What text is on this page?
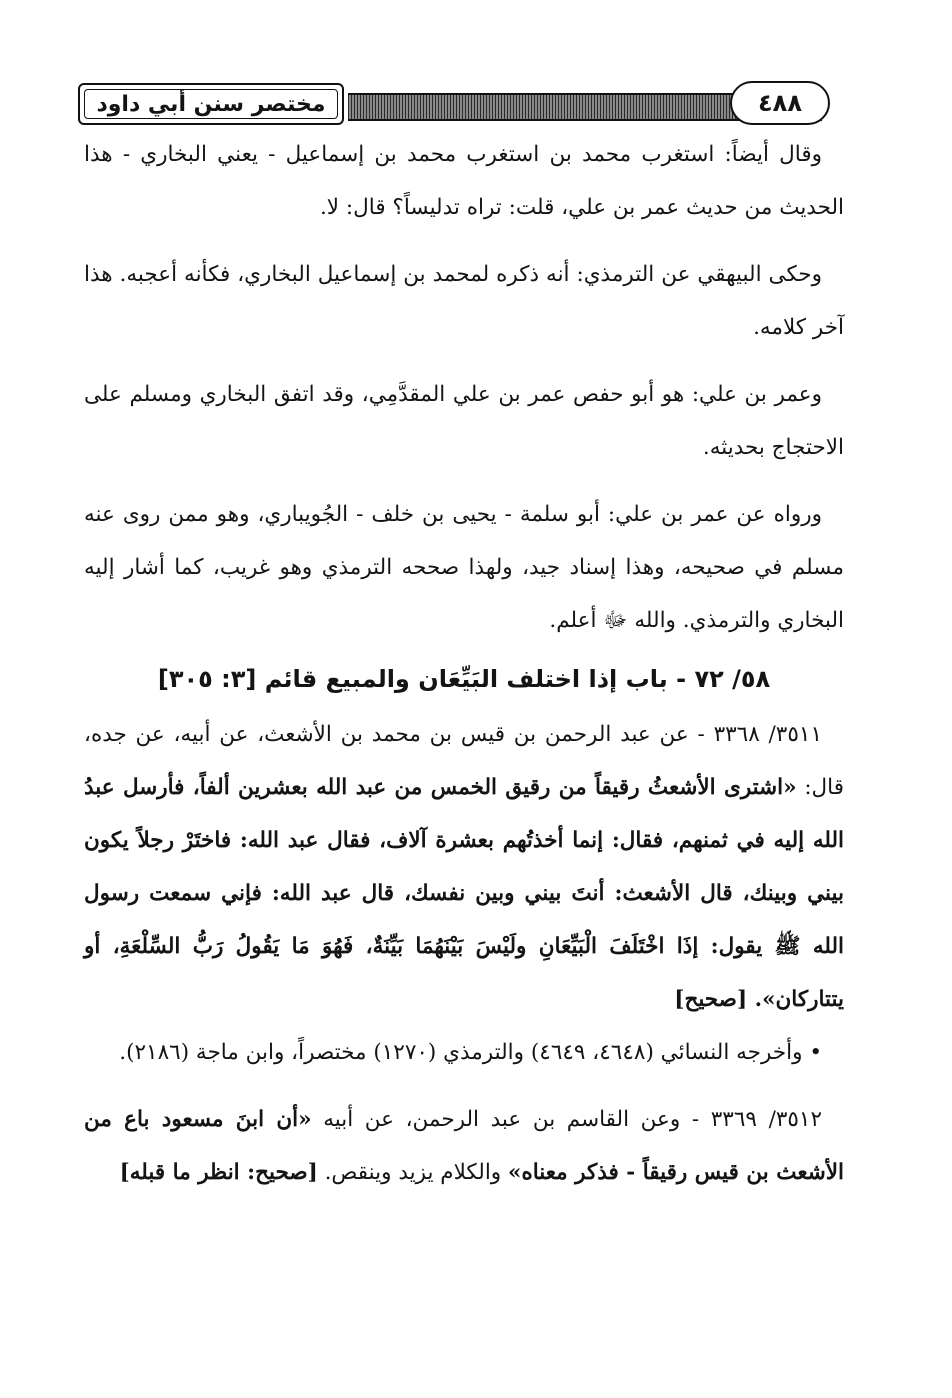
مختصر سنن أبي داود	٤٨٨

وقال أيضاً: استغرب محمد بن استغرب محمد بن إسماعيل - يعني البخاري - هذا الحديث من حديث عمر بن علي، قلت: تراه تدليساً؟ قال: لا.

وحكى البيهقي عن الترمذي: أنه ذكره لمحمد بن إسماعيل البخاري، فكأنه أعجبه. هذا آخر كلامه.

وعمر بن علي: هو أبو حفص عمر بن علي المقدَّمِي، وقد اتفق البخاري ومسلم على الاحتجاج بحديثه.

ورواه عن عمر بن علي: أبو سلمة - يحيى بن خلف - الجُويباري، وهو ممن روى عنه مسلم في صحيحه، وهذا إسناد جيد، ولهذا صححه الترمذي وهو غريب، كما أشار إليه البخاري والترمذي. والله ﷻ أعلم.

٥٨/ ٧٢ - باب إذا اختلف البَيِّعَان والمبيع قائم [٣: ٣٠٥]

٣٥١١/ ٣٣٦٨ - عن عبد الرحمن بن قيس بن محمد بن الأشعث، عن أبيه، عن جده، قال: «اشترى الأشعثُ رقيقاً من رقيق الخمس من عبد الله بعشرين ألفاً، فأرسل عبدُ الله إليه في ثمنهم، فقال: إنما أخذتُهم بعشرة آلاف، فقال عبد الله: فاختَرْ رجلاً يكون بيني وبينك، قال الأشعث: أنتَ بيني وبين نفسك، قال عبد الله: فإني سمعت رسول الله ﷺ يقول: إذَا اخْتَلَفَ الْبَيِّعَانِ ولَيْسَ بَيْنَهُمَا بَيِّنَةٌ، فَهُوَ مَا يَقُولُ رَبُّ السِّلْعَةِ، أو يتتاركان». [صحيح]

• وأخرجه النسائي (٤٦٤٨، ٤٦٤٩) والترمذي (١٢٧٠) مختصراً، وابن ماجة (٢١٨٦).

٣٥١٢/ ٣٣٦٩ - وعن القاسم بن عبد الرحمن، عن أبيه «أن ابنَ مسعود باع من الأشعث بن قيس رقيقاً - فذكر معناه» والكلام يزيد وينقص. [صحيح: انظر ما قبله]
